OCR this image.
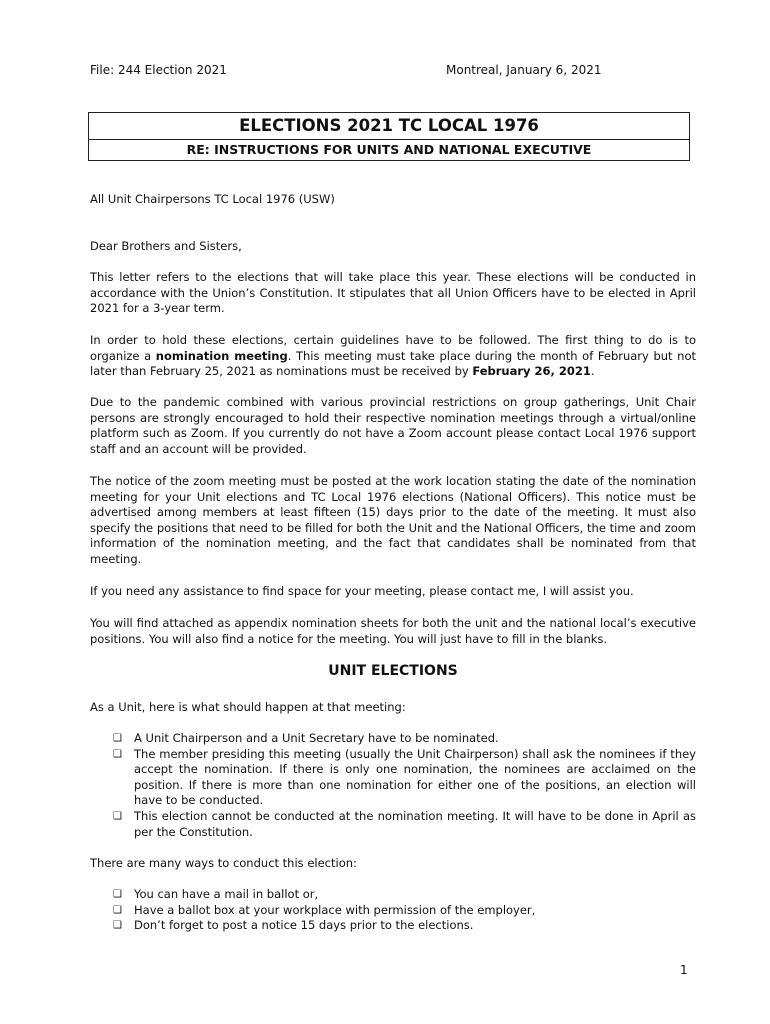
File: 244 Election 2021	Montreal, January 6, 2021
ELECTIONS 2021 TC LOCAL 1976
RE: INSTRUCTIONS FOR UNITS AND NATIONAL EXECUTIVE
All Unit Chairpersons TC Local 1976 (USW)
Dear Brothers and Sisters,

This letter refers to the elections that will take place this year. These elections will be conducted in accordance with the Union’s Constitution. It stipulates that all Union Officers have to be elected in April 2021 for a 3-year term.

In order to hold these elections, certain guidelines have to be followed. The first thing to do is to organize a nomination meeting. This meeting must take place during the month of February but not later than February 25, 2021 as nominations must be received by February 26, 2021.

Due to the pandemic combined with various provincial restrictions on group gatherings, Unit Chair persons are strongly encouraged to hold their respective nomination meetings through a virtual/online platform such as Zoom. If you currently do not have a Zoom account please contact Local 1976 support staff and an account will be provided.

The notice of the zoom meeting must be posted at the work location stating the date of the nomination meeting for your Unit elections and TC Local 1976 elections (National Officers). This notice must be advertised among members at least fifteen (15) days prior to the date of the meeting. It must also specify the positions that need to be filled for both the Unit and the National Officers, the time and zoom information of the nomination meeting, and the fact that candidates shall be nominated from that meeting.

If you need any assistance to find space for your meeting, please contact me, I will assist you.

You will find attached as appendix nomination sheets for both the unit and the national local’s executive positions. You will also find a notice for the meeting. You will just have to fill in the blanks.

UNIT ELECTIONS
As a Unit, here is what should happen at that meeting:
❑ A Unit Chairperson and a Unit Secretary have to be nominated.
❑ The member presiding this meeting (usually the Unit Chairperson) shall ask the nominees if they accept the nomination. If there is only one nomination, the nominees are acclaimed on the position. If there is more than one nomination for either one of the positions, an election will have to be conducted.
❑ This election cannot be conducted at the nomination meeting. It will have to be done in April as per the Constitution.
There are many ways to conduct this election:
❑ You can have a mail in ballot or,
❑ Have a ballot box at your workplace with permission of the employer,
❑ Don’t forget to post a notice 15 days prior to the elections.
1
